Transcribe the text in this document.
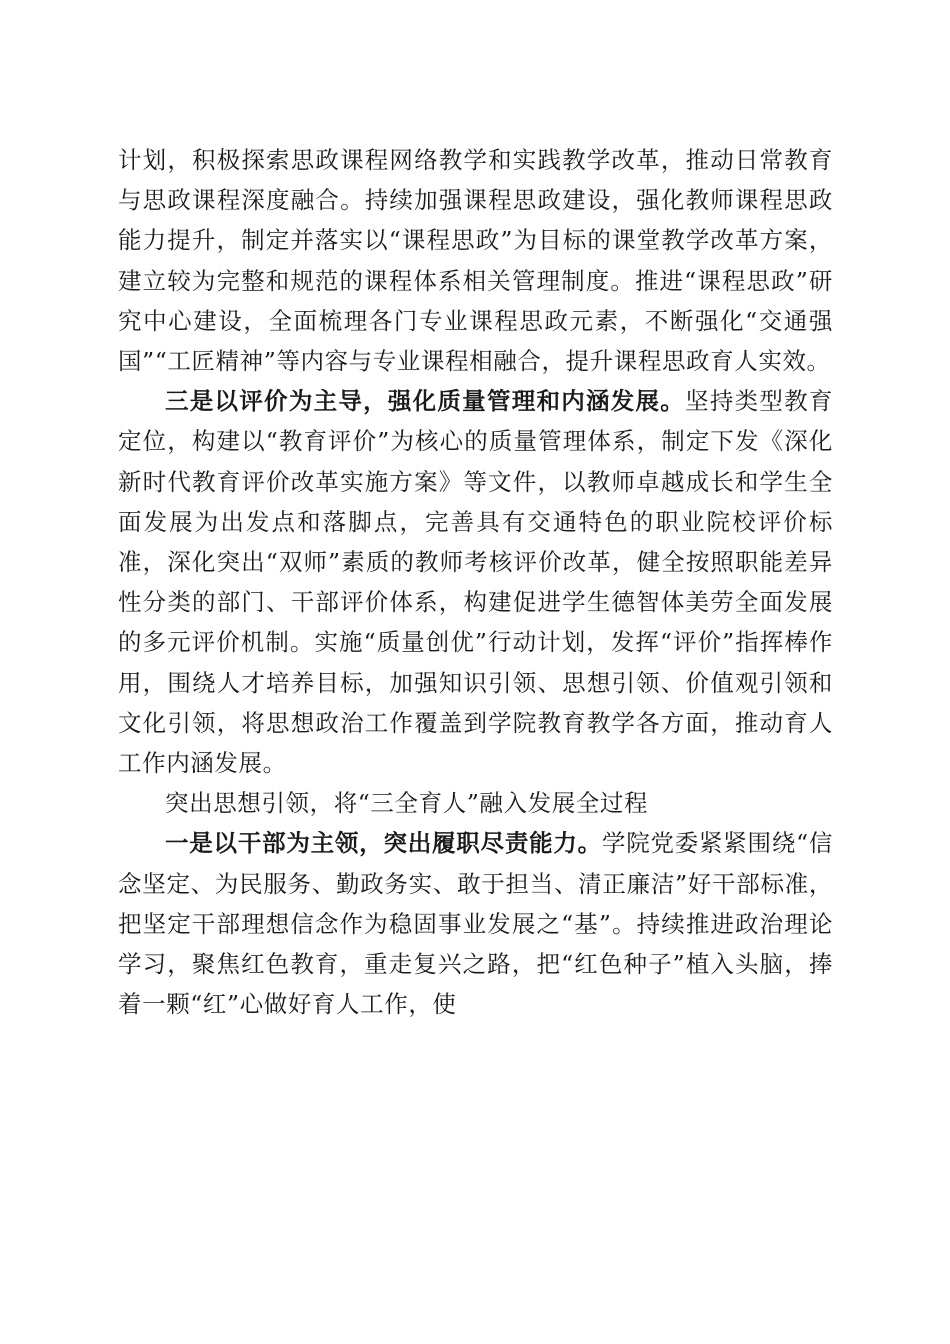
计划，积极探索思政课程网络教学和实践教学改革，推动日常教育与思政课程深度融合。持续加强课程思政建设，强化教师课程思政能力提升，制定并落实以“课程思政”为目标的课堂教学改革方案，建立较为完整和规范的课程体系相关管理制度。推进“课程思政”研究中心建设，全面梳理各门专业课程思政元素，不断强化“交通强国”“工匠精神”等内容与专业课程相融合，提升课程思政育人实效。

三是以评价为主导，强化质量管理和内涵发展。坚持类型教育定位，构建以“教育评价”为核心的质量管理体系，制定下发《深化新时代教育评价改革实施方案》等文件，以教师卓越成长和学生全面发展为出发点和落脚点，完善具有交通特色的职业院校评价标准，深化突出“双师”素质的教师考核评价改革，健全按照职能差异性分类的部门、干部评价体系，构建促进学生德智体美劳全面发展的多元评价机制。实施“质量创优”行动计划，发挥“评价”指挥棒作用，围绕人才培养目标，加强知识引领、思想引领、价值观引领和文化引领，将思想政治工作覆盖到学院教育教学各方面，推动育人工作内涵发展。

突出思想引领，将“三全育人”融入发展全过程

一是以干部为主领，突出履职尽责能力。学院党委紧紧围绕“信念坚定、为民服务、勤政务实、敢于担当、清正廉洁”好干部标准，把坚定干部理想信念作为稳固事业发展之“基”。持续推进政治理论学习，聚焦红色教育，重走复兴之路，把“红色种子”植入头脑，捧着一颗“红”心做好育人工作，使
